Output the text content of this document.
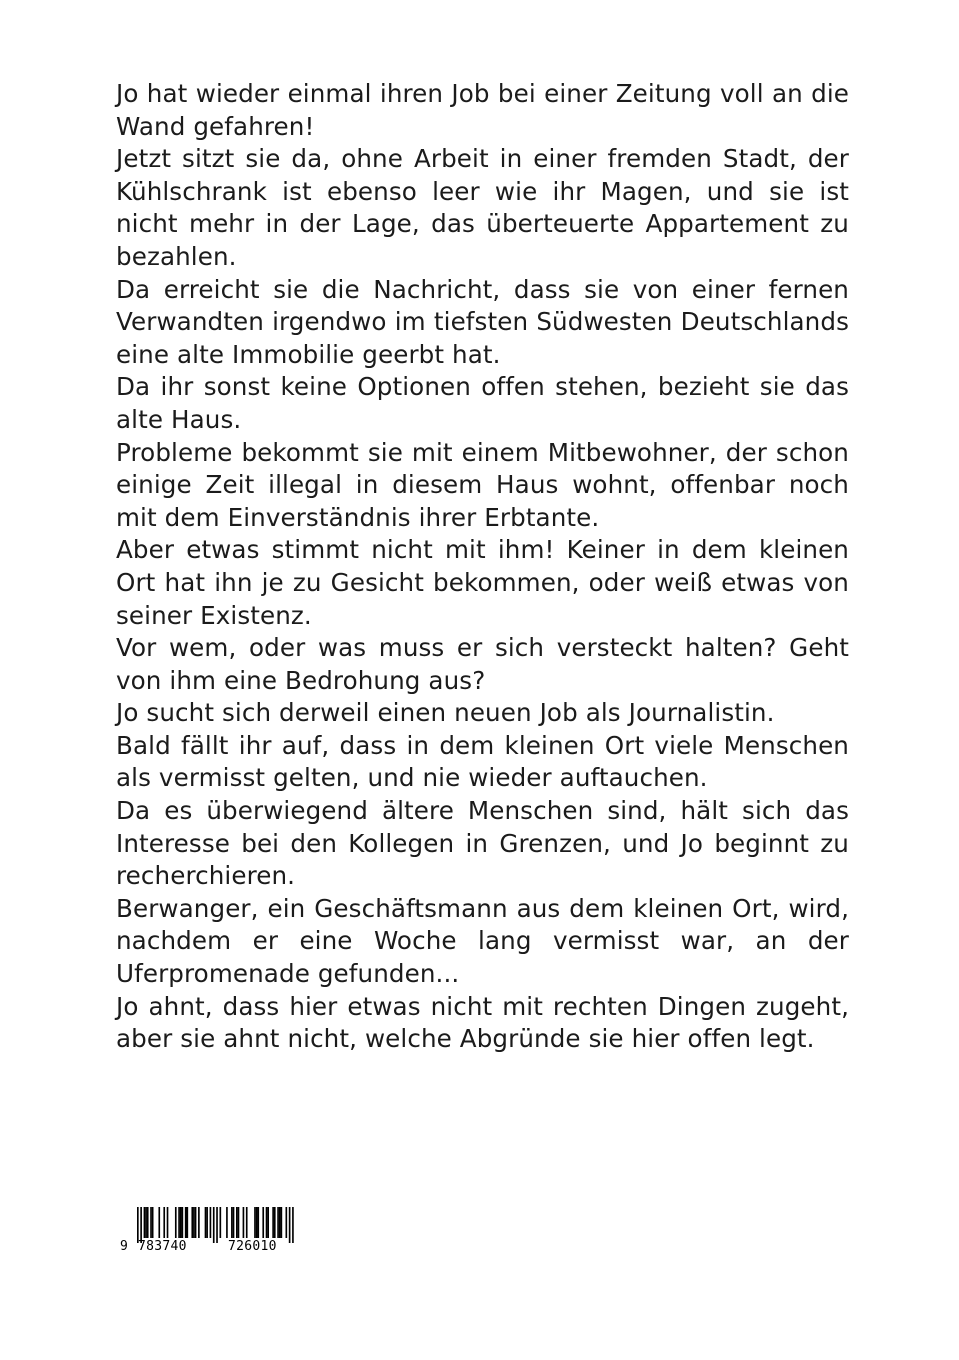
Jo hat wieder einmal ihren Job bei einer Zeitung voll an die Wand gefahren!

Jetzt sitzt sie da, ohne Arbeit in einer fremden Stadt, der Kühlschrank ist ebenso leer wie ihr Magen, und sie ist nicht mehr in der Lage, das überteuerte Appartement zu bezahlen.

Da erreicht sie die Nachricht, dass sie von einer fernen Verwandten irgendwo im tiefsten Südwesten Deutschlands eine alte Immobilie geerbt hat.

Da ihr sonst keine Optionen offen stehen, bezieht sie das alte Haus.

Probleme bekommt sie mit einem Mitbewohner, der schon einige Zeit illegal in diesem Haus wohnt, offenbar noch mit dem Einverständnis ihrer Erbtante.

Aber etwas stimmt nicht mit ihm! Keiner in dem kleinen Ort hat ihn je zu Gesicht bekommen, oder weiß etwas von seiner Existenz.

Vor wem, oder was muss er sich versteckt halten? Geht von ihm eine Bedrohung aus?

Jo sucht sich derweil einen neuen Job als Journalistin.

Bald fällt ihr auf, dass in dem kleinen Ort viele Menschen als vermisst gelten, und nie wieder auftauchen.

Da es überwiegend ältere Menschen sind, hält sich das Interesse bei den Kollegen in Grenzen, und Jo beginnt zu recherchieren.

Berwanger, ein Geschäftsmann aus dem kleinen Ort, wird, nachdem er eine Woche lang vermisst war, an der Uferpromenade gefunden...

Jo ahnt, dass hier etwas nicht mit rechten Dingen zugeht, aber sie ahnt nicht, welche Abgründe sie hier offen legt.

9 783740	726010
